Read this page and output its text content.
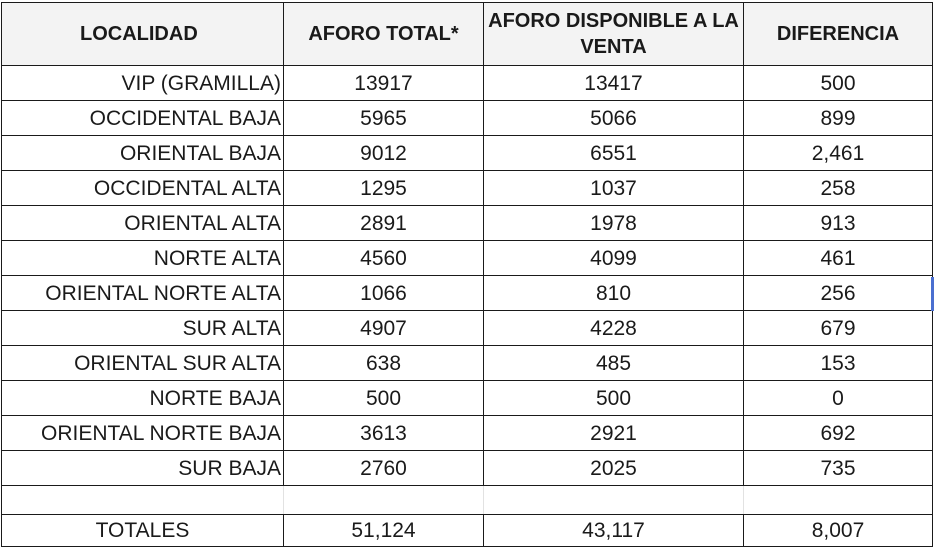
LOCALIDAD	AFORO TOTAL*	AFORO DISPONIBLE A LA VENTA	DIFERENCIA
VIP (GRAMILLA)	13917	13417	500
OCCIDENTAL BAJA	5965	5066	899
ORIENTAL BAJA	9012	6551	2,461
OCCIDENTAL ALTA	1295	1037	258
ORIENTAL ALTA	2891	1978	913
NORTE ALTA	4560	4099	461
ORIENTAL NORTE ALTA	1066	810	256
SUR ALTA	4907	4228	679
ORIENTAL SUR ALTA	638	485	153
NORTE BAJA	500	500	0
ORIENTAL NORTE BAJA	3613	2921	692
SUR BAJA	2760	2025	735

TOTALES	51,124	43,117	8,007
